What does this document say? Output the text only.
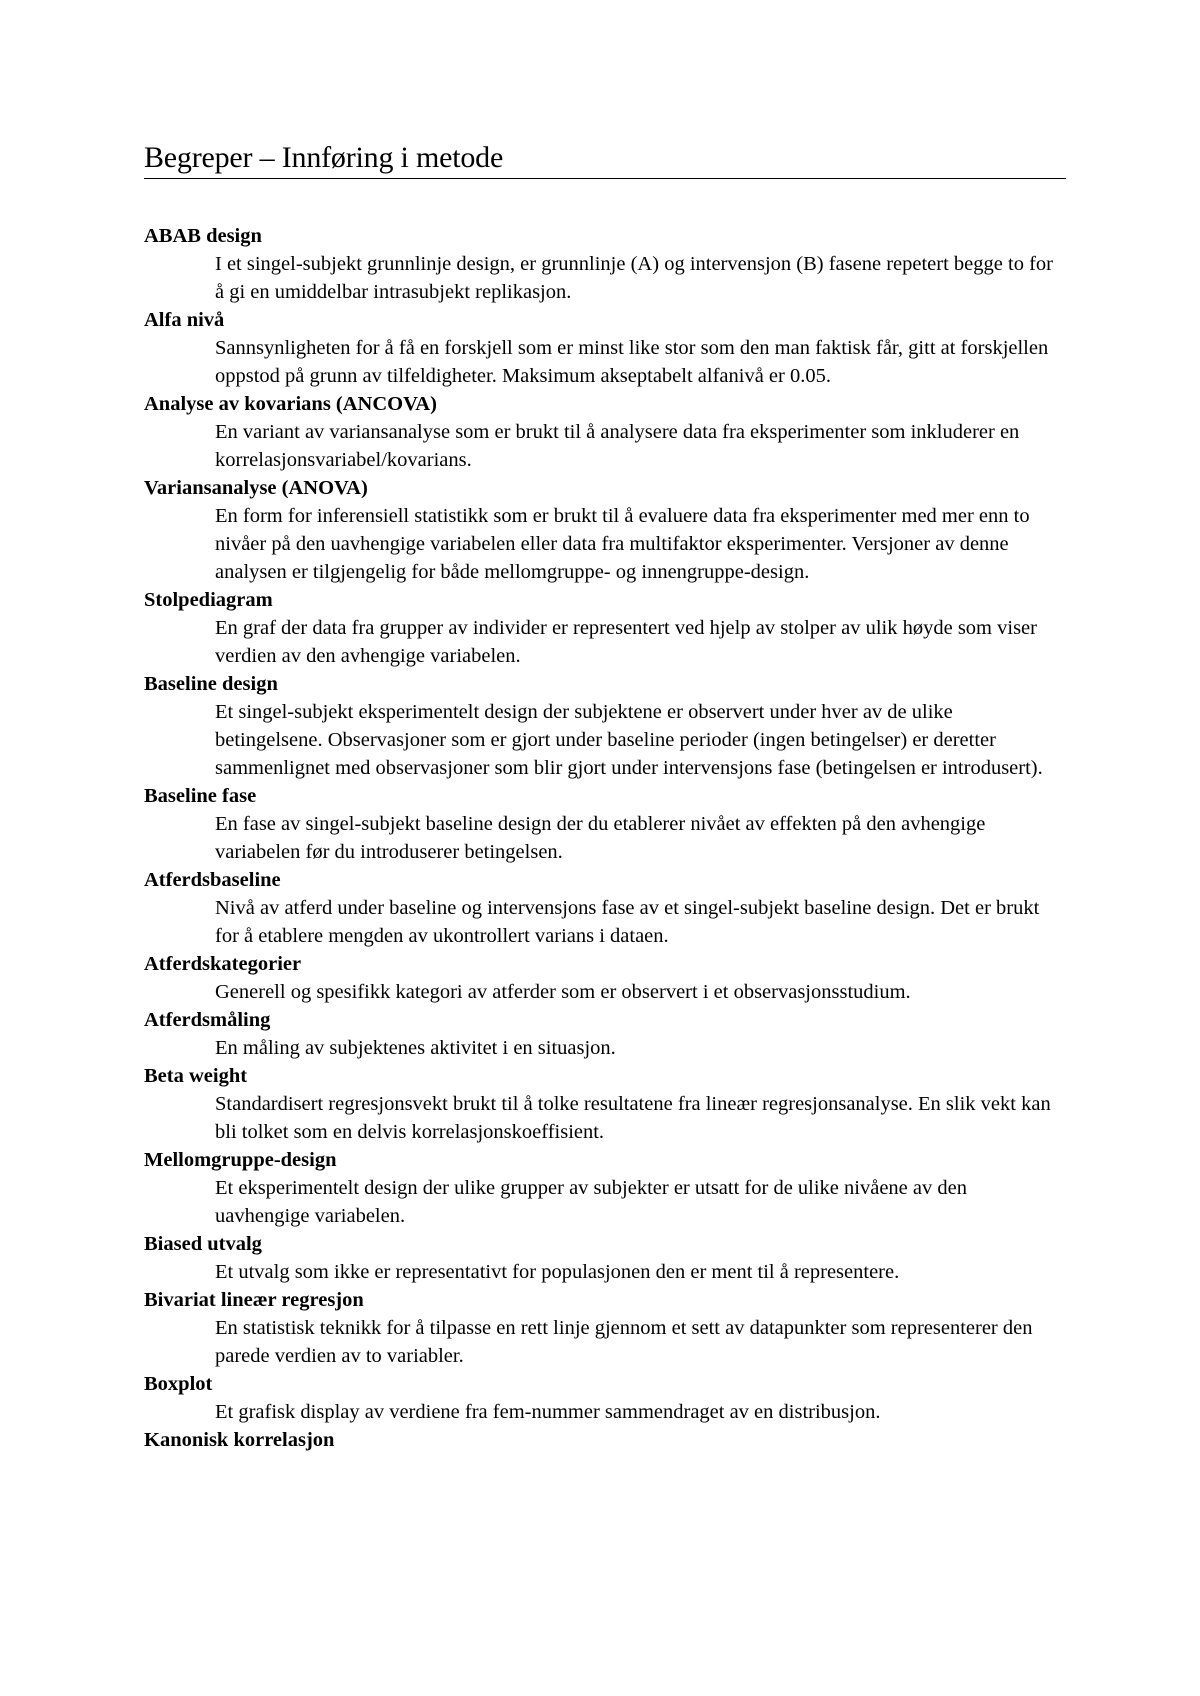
Begreper – Innføring i metode

ABAB design

I et singel-subjekt grunnlinje design, er grunnlinje (A) og intervensjon (B) fasene repetert begge to for å gi en umiddelbar intrasubjekt replikasjon.

Alfa nivå

Sannsynligheten for å få en forskjell som er minst like stor som den man faktisk får, gitt at forskjellen oppstod på grunn av tilfeldigheter. Maksimum akseptabelt alfanivå er 0.05.

Analyse av kovarians (ANCOVA)

En variant av variansanalyse som er brukt til å analysere data fra eksperimenter som inkluderer en korrelasjonsvariabel/kovarians.

Variansanalyse (ANOVA)

En form for inferensiell statistikk som er brukt til å evaluere data fra eksperimenter med mer enn to nivåer på den uavhengige variabelen eller data fra multifaktor eksperimenter. Versjoner av denne analysen er tilgjengelig for både mellomgruppe- og innengruppe-design.

Stolpediagram

En graf der data fra grupper av individer er representert ved hjelp av stolper av ulik høyde som viser verdien av den avhengige variabelen.

Baseline design

Et singel-subjekt eksperimentelt design der subjektene er observert under hver av de ulike betingelsene. Observasjoner som er gjort under baseline perioder (ingen betingelser) er deretter sammenlignet med observasjoner som blir gjort under intervensjons fase (betingelsen er introdusert).

Baseline fase

En fase av singel-subjekt baseline design der du etablerer nivået av effekten på den avhengige variabelen før du introduserer betingelsen.

Atferdsbaseline

Nivå av atferd under baseline og intervensjons fase av et singel-subjekt baseline design. Det er brukt for å etablere mengden av ukontrollert varians i dataen.

Atferdskategorier

Generell og spesifikk kategori av atferder som er observert i et observasjonsstudium.

Atferdsmåling

En måling av subjektenes aktivitet i en situasjon.

Beta weight

Standardisert regresjonsvekt brukt til å tolke resultatene fra lineær regresjonsanalyse. En slik vekt kan bli tolket som en delvis korrelasjonskoeffisient.

Mellomgruppe-design

Et eksperimentelt design der ulike grupper av subjekter er utsatt for de ulike nivåene av den uavhengige variabelen.

Biased utvalg

Et utvalg som ikke er representativt for populasjonen den er ment til å representere.

Bivariat lineær regresjon

En statistisk teknikk for å tilpasse en rett linje gjennom et sett av datapunkter som representerer den parede verdien av to variabler.

Boxplot

Et grafisk display av verdiene fra fem-nummer sammendraget av en distribusjon.

Kanonisk korrelasjon
